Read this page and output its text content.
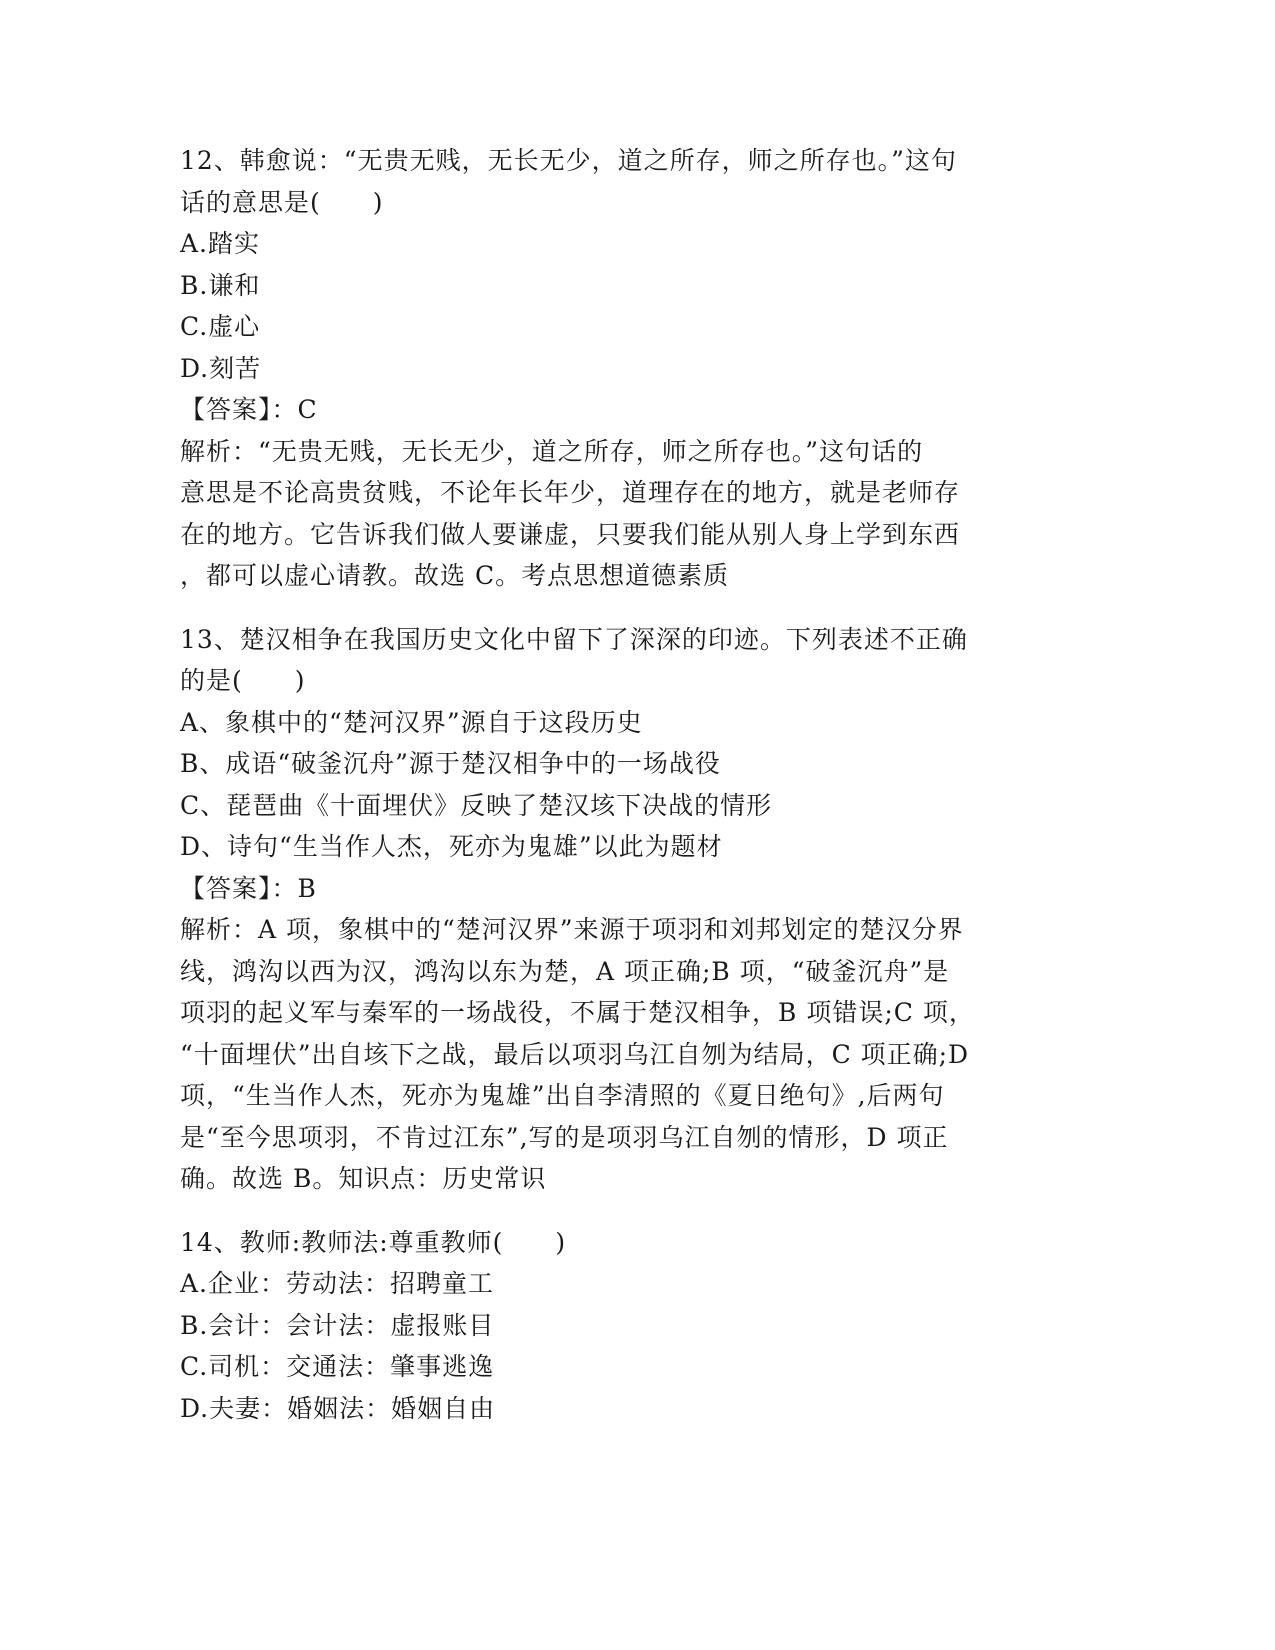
12、韩愈说：“无贵无贱，无长无少，道之所存，师之所存也。”这句
话的意思是(　　)
A.踏实
B.谦和
C.虚心
D.刻苦
【答案】：C
解析：“无贵无贱，无长无少，道之所存，师之所存也。”这句话的
意思是不论高贵贫贱，不论年长年少，道理存在的地方，就是老师存
在的地方。它告诉我们做人要谦虚，只要我们能从别人身上学到东西
，都可以虚心请教。故选 C。考点思想道德素质
13、楚汉相争在我国历史文化中留下了深深的印迹。下列表述不正确
的是(　　)
A、象棋中的“楚河汉界”源自于这段历史
B、成语“破釜沉舟”源于楚汉相争中的一场战役
C、琵琶曲《十面埋伏》反映了楚汉垓下决战的情形
D、诗句“生当作人杰，死亦为鬼雄”以此为题材
【答案】：B
解析：A 项，象棋中的“楚河汉界”来源于项羽和刘邦划定的楚汉分界
线，鸿沟以西为汉，鸿沟以东为楚，A 项正确;B 项，“破釜沉舟”是
项羽的起义军与秦军的一场战役，不属于楚汉相争，B 项错误;C 项，
“十面埋伏”出自垓下之战，最后以项羽乌江自刎为结局，C 项正确;D
项，“生当作人杰，死亦为鬼雄”出自李清照的《夏日绝句》,后两句
是“至今思项羽，不肯过江东”,写的是项羽乌江自刎的情形，D 项正
确。故选 B。知识点：历史常识
14、教师:教师法:尊重教师(　　)
A.企业：劳动法：招聘童工
B.会计：会计法：虚报账目
C.司机：交通法：肇事逃逸
D.夫妻：婚姻法：婚姻自由
